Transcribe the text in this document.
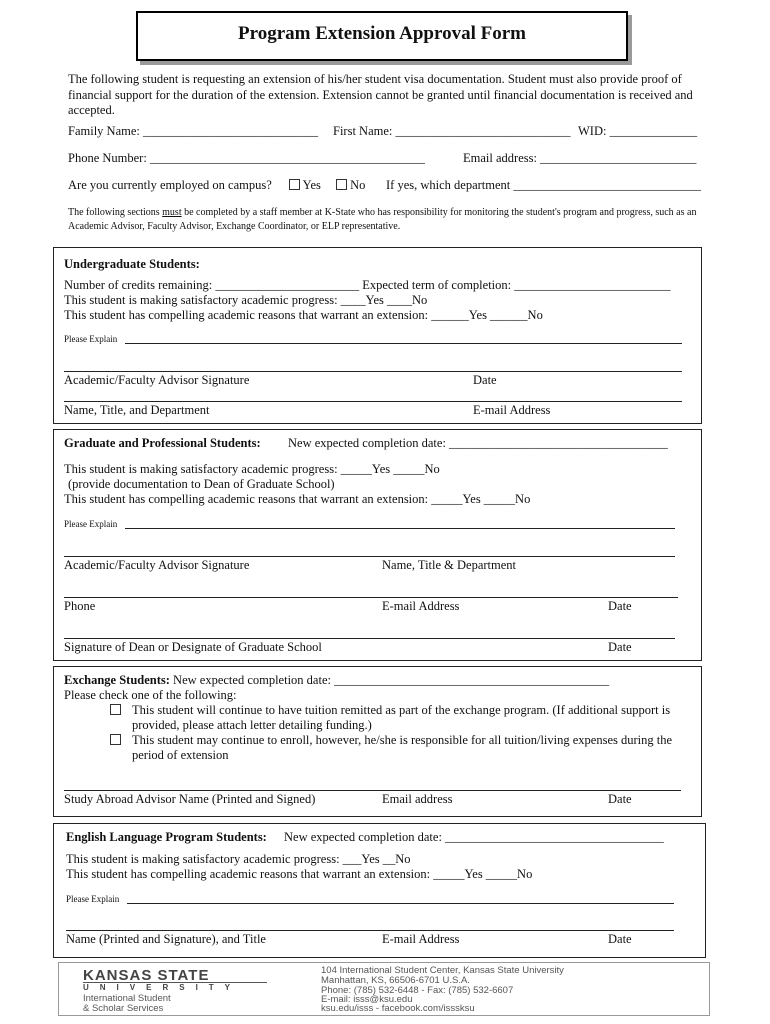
Program Extension Approval Form
The following student is requesting an extension of his/her student visa documentation. Student must also provide proof of financial support for the duration of the extension. Extension cannot be granted until financial documentation is received and accepted.
Family Name: ____________________________ First Name: ____________________________ WID: ______________
Phone Number: ____________________________________________	Email address: _________________________
Are you currently employed on campus?	Yes	No If yes, which department ______________________________
The following sections must be completed by a staff member at K-State who has responsibility for monitoring the student's program and progress, such as an Academic Advisor, Faculty Advisor, Exchange Coordinator, or ELP representative.
Undergraduate Students:
Number of credits remaining: _______________________ Expected term of completion: _________________________
This student is making satisfactory academic progress: ____Yes ____No
This student has compelling academic reasons that warrant an extension: ______Yes ______No
Please Explain
Academic/Faculty Advisor Signature	Date
Name, Title, and Department	E-mail Address
Graduate and Professional Students: New expected completion date: ___________________________________
This student is making satisfactory academic progress: _____Yes _____No
(provide documentation to Dean of Graduate School)
This student has compelling academic reasons that warrant an extension: _____Yes _____No
Please Explain
Academic/Faculty Advisor Signature	Name, Title & Department
Phone	E-mail Address	Date
Signature of Dean or Designate of Graduate School	Date
Exchange Students: New expected completion date: ____________________________________________
Please check one of the following:
This student will continue to have tuition remitted as part of the exchange program. (If additional support is
provided, please attach letter detailing funding.)
This student may continue to enroll, however, he/she is responsible for all tuition/living expenses during the
period of extension
Study Abroad Advisor Name (Printed and Signed)	Email address	Date
English Language Program Students: New expected completion date: ___________________________________
This student is making satisfactory academic progress: ___Yes __No
This student has compelling academic reasons that warrant an extension: _____Yes _____No
Please Explain
Name (Printed and Signature), and Title	E-mail Address	Date
KANSAS STATE
UNIVERSITY
International Student
& Scholar Services
104 International Student Center, Kansas State University
Manhattan, KS, 66506-6701 U.S.A.
Phone: (785) 532-6448 - Fax: (785) 532-6607
E-mail: isss@ksu.edu
ksu.edu/isss - facebook.com/isssksu
